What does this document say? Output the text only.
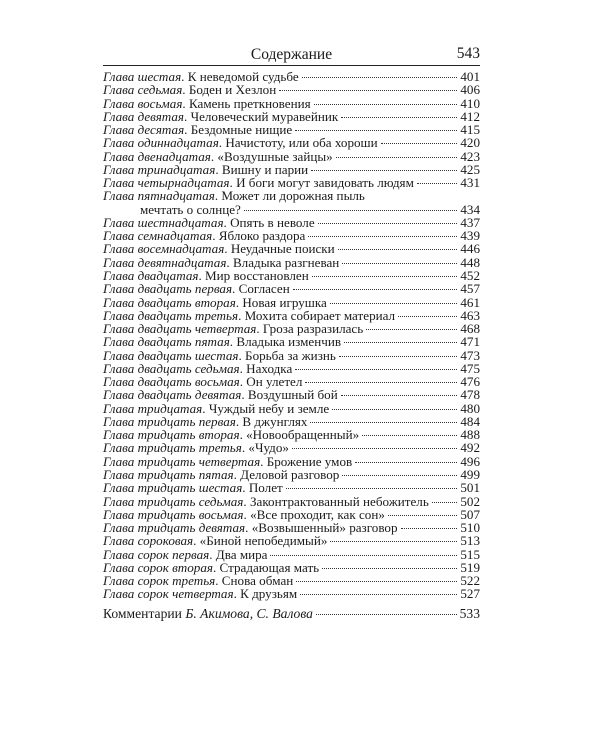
Содержание	543
Глава шестая. К неведомой судьбе	401
Глава седьмая. Боден и Хезлон	406
Глава восьмая. Камень преткновения	410
Глава девятая. Человеческий муравейник	412
Глава десятая. Бездомные нищие	415
Глава одиннадцатая. Начистоту, или оба хороши	420
Глава двенадцатая. «Воздушные зайцы»	423
Глава тринадцатая. Вишну и парии	425
Глава четырнадцатая. И боги могут завидовать людям	431
Глава пятнадцатая. Может ли дорожная пыль
мечтать о солнце?	434
Глава шестнадцатая. Опять в неволе	437
Глава семнадцатая. Яблоко раздора	439
Глава восемнадцатая. Неудачные поиски	446
Глава девятнадцатая. Владыка разгневан	448
Глава двадцатая. Мир восстановлен	452
Глава двадцать первая. Согласен	457
Глава двадцать вторая. Новая игрушка	461
Глава двадцать третья. Мохита собирает материал	463
Глава двадцать четвертая. Гроза разразилась	468
Глава двадцать пятая. Владыка изменчив	471
Глава двадцать шестая. Борьба за жизнь	473
Глава двадцать седьмая. Находка	475
Глава двадцать восьмая. Он улетел	476
Глава двадцать девятая. Воздушный бой	478
Глава тридцатая. Чуждый небу и земле	480
Глава тридцать первая. В джунглях	484
Глава тридцать вторая. «Новообращенный»	488
Глава тридцать третья. «Чудо»	492
Глава тридцать четвертая. Брожение умов	496
Глава тридцать пятая. Деловой разговор	499
Глава тридцать шестая. Полет	501
Глава тридцать седьмая. Законтрактованный небожитель 502
Глава тридцать восьмая. «Все проходит, как сон»	507
Глава тридцать девятая. «Возвышенный» разговор	510
Глава сороковая. «Биной непобедимый»	513
Глава сорок первая. Два мира	515
Глава сорок вторая. Страдающая мать	519
Глава сорок третья. Снова обман	522
Глава сорок четвертая. К друзьям	527
Комментарии Б. Акимова, С. Валова	533
